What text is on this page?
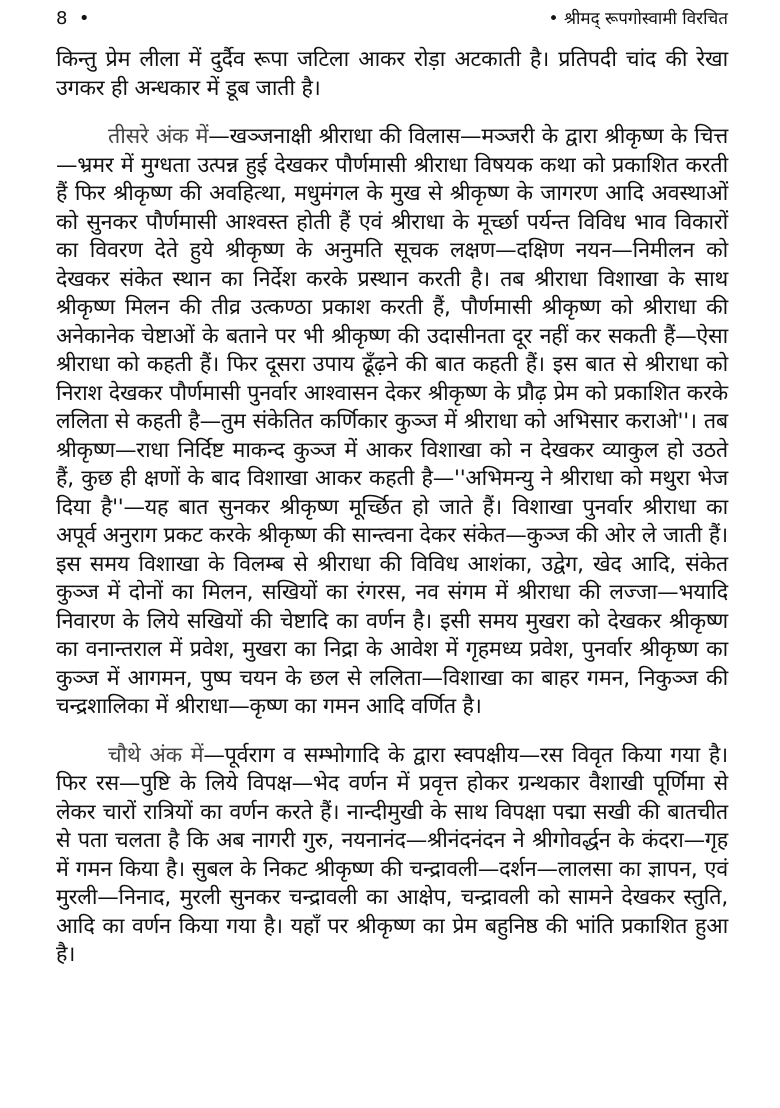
8 •	• श्रीमद् रूपगोस्वामी विरचित

किन्तु प्रेम लीला में दुर्दैव रूपा जटिला आकर रोड़ा अटकाती है। प्रतिपदी चांद की रेखा उगकर ही अन्धकार में डूब जाती है।

तीसरे अंक में—खञ्जनाक्षी श्रीराधा की विलास—मञ्जरी के द्वारा श्रीकृष्ण के चित्त—भ्रमर में मुग्धता उत्पन्न हुई देखकर पौर्णमासी श्रीराधा विषयक कथा को प्रकाशित करती हैं फिर श्रीकृष्ण की अवहित्था, मधुमंगल के मुख से श्रीकृष्ण के जागरण आदि अवस्थाओं को सुनकर पौर्णमासी आश्वस्त होती हैं एवं श्रीराधा के मूर्च्छा पर्यन्त विविध भाव विकारों का विवरण देते हुये श्रीकृष्ण के अनुमति सूचक लक्षण—दक्षिण नयन—निमीलन को देखकर संकेत स्थान का निर्देश करके प्रस्थान करती है। तब श्रीराधा विशाखा के साथ श्रीकृष्ण मिलन की तीव्र उत्कण्ठा प्रकाश करती हैं, पौर्णमासी श्रीकृष्ण को श्रीराधा की अनेकानेक चेष्टाओं के बताने पर भी श्रीकृष्ण की उदासीनता दूर नहीं कर सकती हैं—ऐसा श्रीराधा को कहती हैं। फिर दूसरा उपाय ढूँढ़ने की बात कहती हैं। इस बात से श्रीराधा को निराश देखकर पौर्णमासी पुनर्वार आश्वासन देकर श्रीकृष्ण के प्रौढ़ प्रेम को प्रकाशित करके ललिता से कहती है—तुम संकेतित कर्णिकार कुञ्ज में श्रीराधा को अभिसार कराओ''। तब श्रीकृष्ण—राधा निर्दिष्ट माकन्द कुञ्ज में आकर विशाखा को न देखकर व्याकुल हो उठते हैं, कुछ ही क्षणों के बाद विशाखा आकर कहती है—''अभिमन्यु ने श्रीराधा को मथुरा भेज दिया है''—यह बात सुनकर श्रीकृष्ण मूर्च्छित हो जाते हैं। विशाखा पुनर्वार श्रीराधा का अपूर्व अनुराग प्रकट करके श्रीकृष्ण की सान्त्वना देकर संकेत—कुञ्ज की ओर ले जाती हैं। इस समय विशाखा के विलम्ब से श्रीराधा की विविध आशंका, उद्वेग, खेद आदि, संकेत कुञ्ज में दोनों का मिलन, सखियों का रंगरस, नव संगम में श्रीराधा की लज्जा—भयादि निवारण के लिये सखियों की चेष्टादि का वर्णन है। इसी समय मुखरा को देखकर श्रीकृष्ण का वनान्तराल में प्रवेश, मुखरा का निद्रा के आवेश में गृहमध्य प्रवेश, पुनर्वार श्रीकृष्ण का कुञ्ज में आगमन, पुष्प चयन के छल से ललिता—विशाखा का बाहर गमन, निकुञ्ज की चन्द्रशालिका में श्रीराधा—कृष्ण का गमन आदि वर्णित है।

चौथे अंक में—पूर्वराग व सम्भोगादि के द्वारा स्वपक्षीय—रस विवृत किया गया है। फिर रस—पुष्टि के लिये विपक्ष—भेद वर्णन में प्रवृत्त होकर ग्रन्थकार वैशाखी पूर्णिमा से लेकर चारों रात्रियों का वर्णन करते हैं। नान्दीमुखी के साथ विपक्षा पद्मा सखी की बातचीत से पता चलता है कि अब नागरी गुरु, नयनानंद—श्रीनंदनंदन ने श्रीगोवर्द्धन के कंदरा—गृह में गमन किया है। सुबल के निकट श्रीकृष्ण की चन्द्रावली—दर्शन—लालसा का ज्ञापन, एवं मुरली—निनाद, मुरली सुनकर चन्द्रावली का आक्षेप, चन्द्रावली को सामने देखकर स्तुति, आदि का वर्णन किया गया है। यहाँ पर श्रीकृष्ण का प्रेम बहुनिष्ठ की भांति प्रकाशित हुआ है।
